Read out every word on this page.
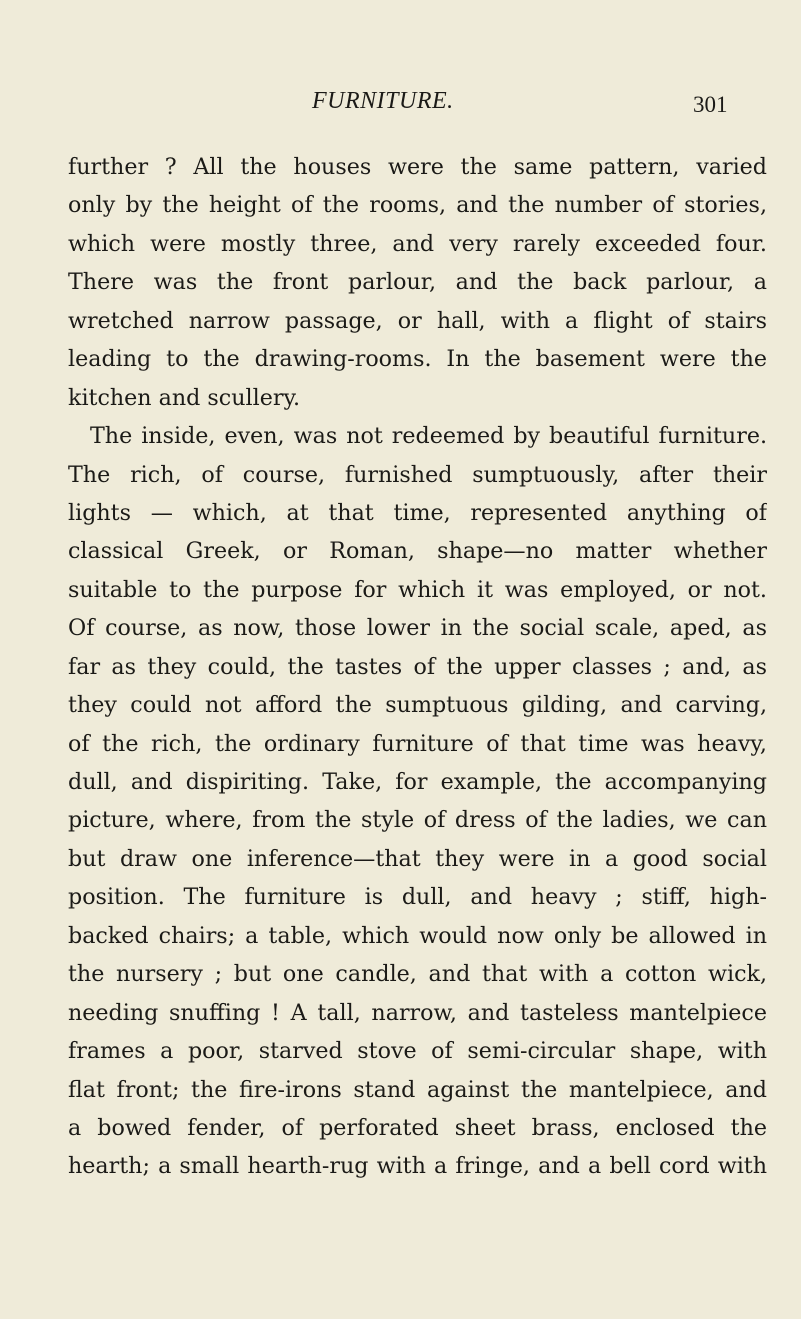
FURNITURE.	301
further ? All the houses were the same pattern, varied
only by the height of the rooms, and the number of stories,
which were mostly three, and very rarely exceeded four.
There was the front parlour, and the back parlour, a
wretched narrow passage, or hall, with a flight of stairs
leading to the drawing-rooms. In the basement were the
kitchen and scullery.
The inside, even, was not redeemed by beautiful furniture.
The rich, of course, furnished sumptuously, after their
lights — which, at that time, represented anything of
classical Greek, or Roman, shape—no matter whether
suitable to the purpose for which it was employed, or not.
Of course, as now, those lower in the social scale, aped, as
far as they could, the tastes of the upper classes ; and, as
they could not afford the sumptuous gilding, and carving,
of the rich, the ordinary furniture of that time was heavy,
dull, and dispiriting. Take, for example, the accompanying
picture, where, from the style of dress of the ladies, we can
but draw one inference—that they were in a good social
position. The furniture is dull, and heavy ; stiff, high-
backed chairs; a table, which would now only be allowed in
the nursery ; but one candle, and that with a cotton wick,
needing snuffing ! A tall, narrow, and tasteless mantelpiece
frames a poor, starved stove of semi-circular shape, with
flat front; the fire-irons stand against the mantelpiece, and
a bowed fender, of perforated sheet brass, enclosed the
hearth; a small hearth-rug with a fringe, and a bell cord with
